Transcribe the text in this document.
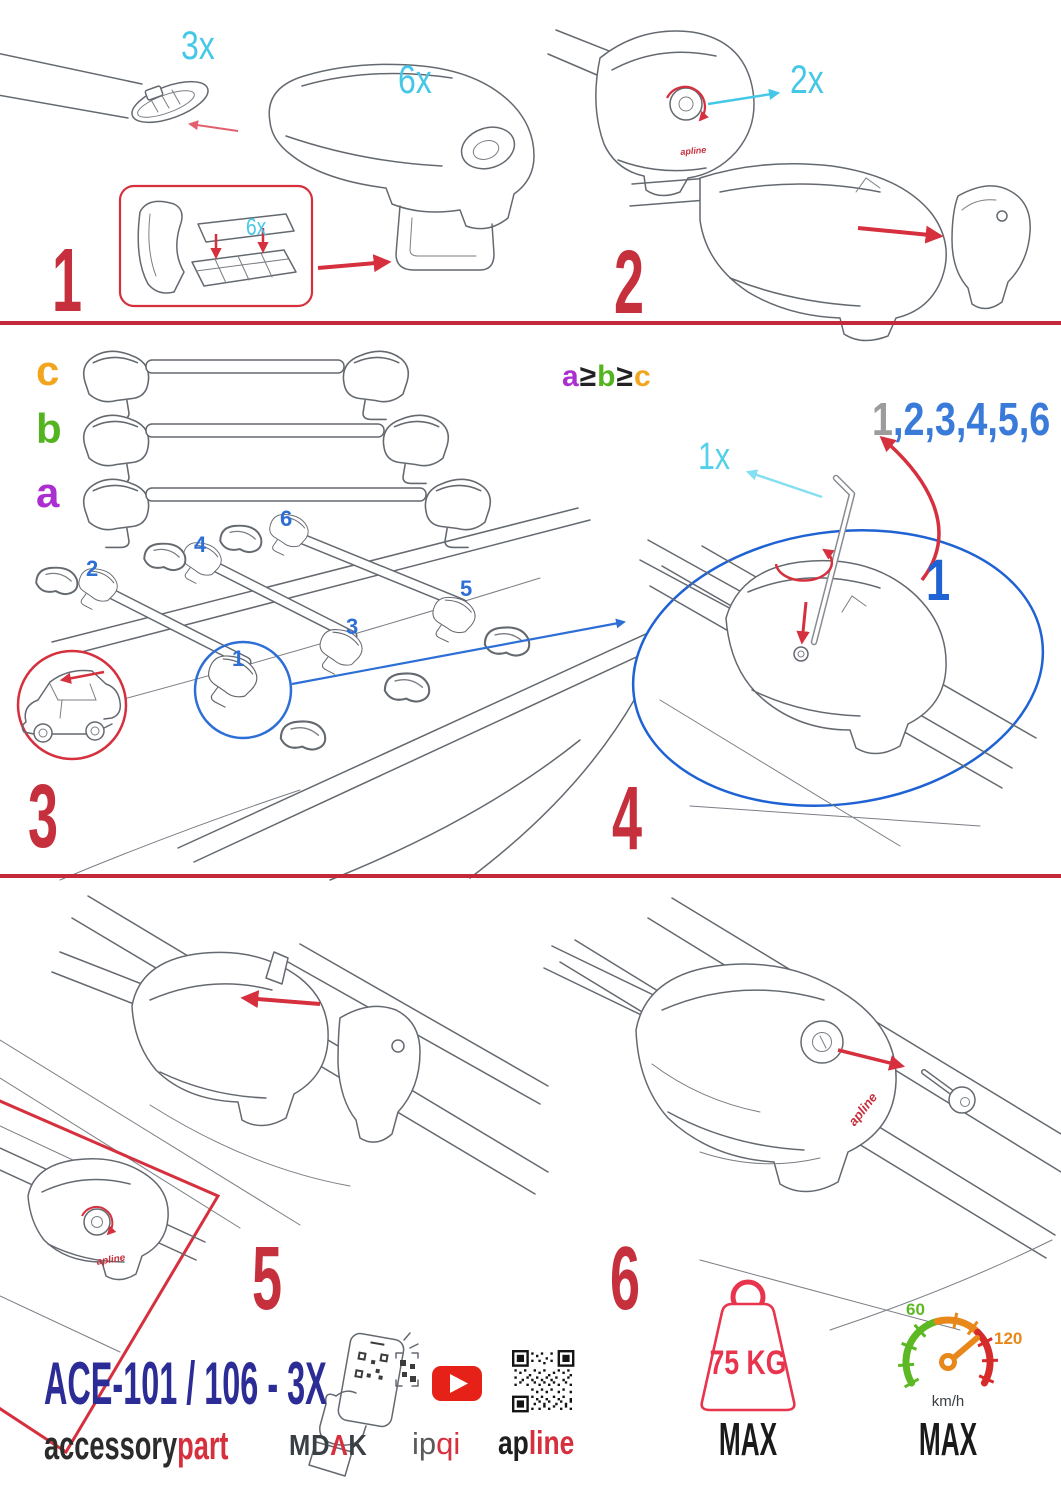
1	2
3	4
5	6
3x
6x
6x
2x
1x
c
b
a
a≥b≥c
1
2
3
4
5
6
1,2,3,4,5,6
1
apline
apline
apline
ACE-101 / 106 - 3X
accessorypart MDΛK ipqi apline
75 KG
MAX
60
120
km/h
MAX
